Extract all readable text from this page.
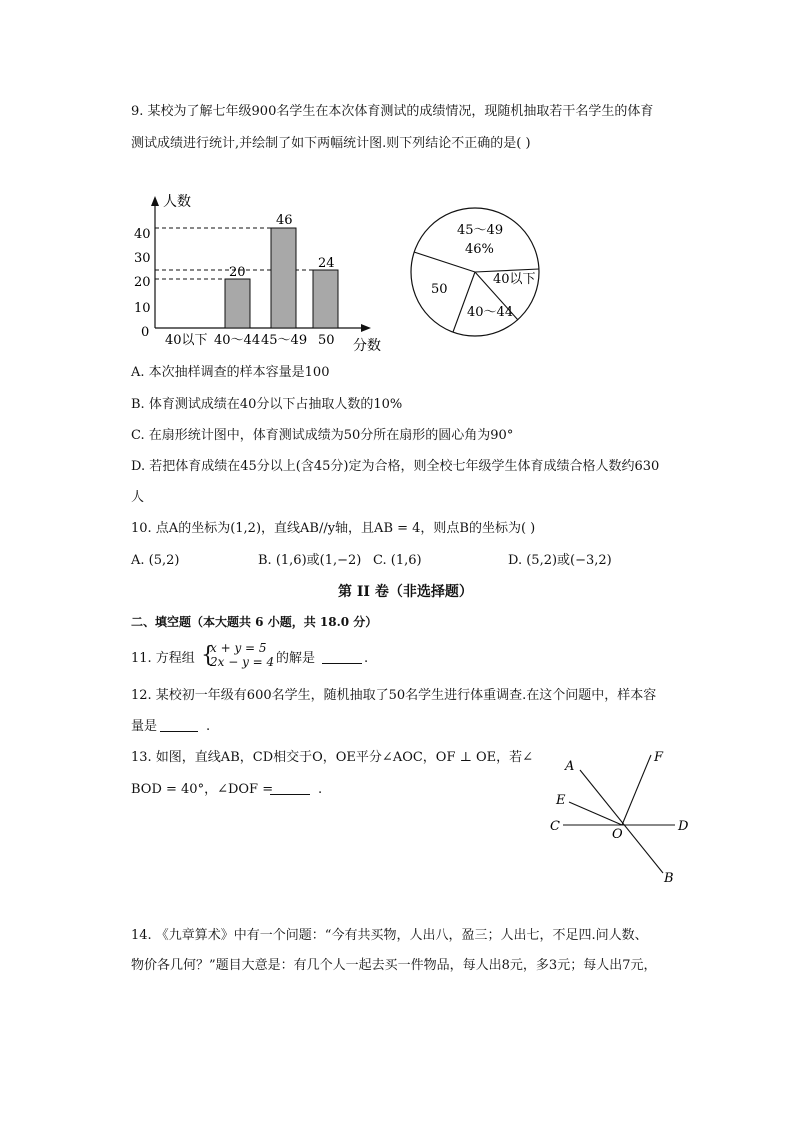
9. 某校为了解七年级900名学生在本次体育测试的成绩情况，现随机抽取若干名学生的体育
测试成绩进行统计,并绘制了如下两幅统计图.则下列结论不正确的是( )
人数
分数
0
10
20
30
40
20
46
24
40以下 40～44 45～49 50
45～49
46%
40以下
40～44
50
A. 本次抽样调查的样本容量是100
B. 体育测试成绩在40分以下占抽取人数的10%
C. 在扇形统计图中，体育测试成绩为50分所在扇形的圆心角为90°
D. 若把体育成绩在45分以上(含45分)定为合格，则全校七年级学生体育成绩合格人数约630
人
10. 点A的坐标为(1,2)，直线AB//y轴，且AB = 4，则点B的坐标为( )
A. (5,2)	B. (1,6)或(1,−2) C. (1,6)	D. (5,2)或(−3,2)
第 II 卷（非选择题）
二、填空题（本大题共 6 小题，共 18.0 分）
11. 方程组 {
x + y = 5
2x − y = 4 的解是	.
12. 某校初一年级有600名学生，随机抽取了50名学生进行体重调查.在这个问题中，样本容
量是	.
13. 如图，直线AB，CD相交于O，OE平分∠AOC，OF ⊥ OE，若∠
BOD = 40°，∠DOF =	.
A
F
E
C
O
D
B
14. 《九章算术》中有一个问题：“今有共买物，人出八，盈三；人出七，不足四.问人数、
物价各几何？”题目大意是：有几个人一起去买一件物品，每人出8元，多3元；每人出7元，
